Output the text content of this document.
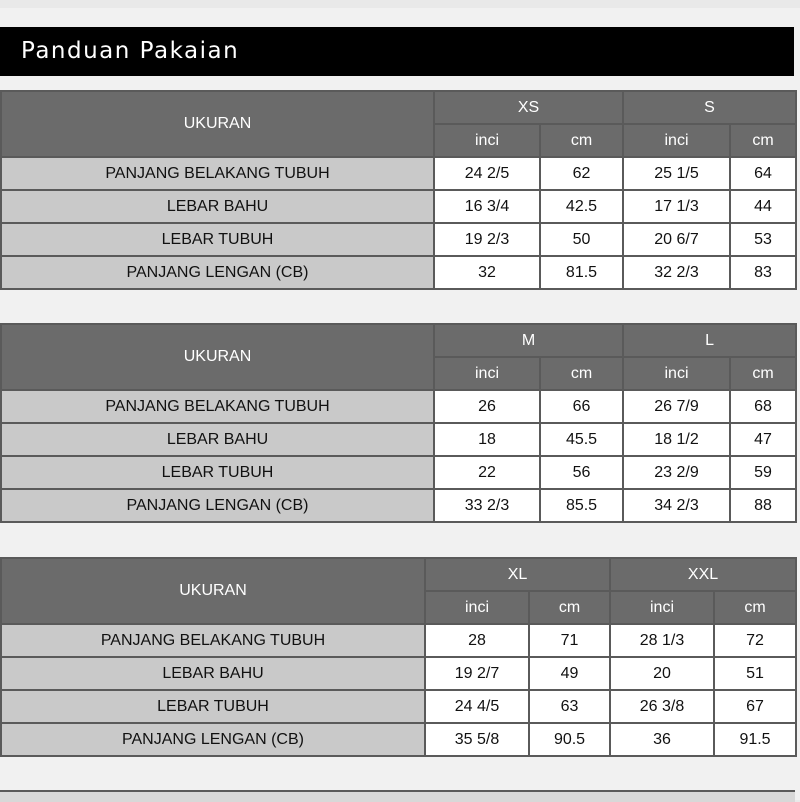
Panduan Pakaian
UKURAN	XS		S	
	inci	cm	inci	cm
PANJANG BELAKANG TUBUH	24 2/5	62	25 1/5	64
LEBAR BAHU	16 3/4	42.5	17 1/3	44
LEBAR TUBUH	19 2/3	50	20 6/7	53
PANJANG LENGAN (CB)	32	81.5	32 2/3	83
UKURAN	M		L	
	inci	cm	inci	cm
PANJANG BELAKANG TUBUH	26	66	26 7/9	68
LEBAR BAHU	18	45.5	18 1/2	47
LEBAR TUBUH	22	56	23 2/9	59
PANJANG LENGAN (CB)	33 2/3	85.5	34 2/3	88
UKURAN	XL		XXL	
	inci	cm	inci	cm
PANJANG BELAKANG TUBUH	28	71	28 1/3	72
LEBAR BAHU	19 2/7	49	20	51
LEBAR TUBUH	24 4/5	63	26 3/8	67
PANJANG LENGAN (CB)	35 5/8	90.5	36	91.5
